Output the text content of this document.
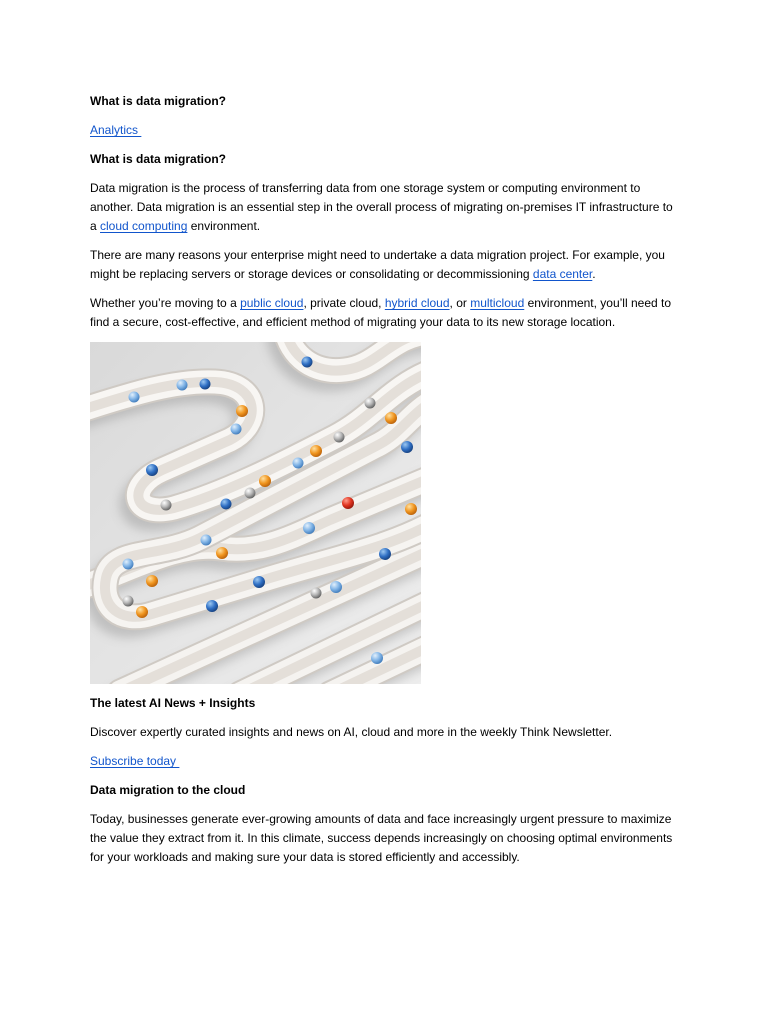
What is data migration?
Analytics
What is data migration?

Data migration is the process of transferring data from one storage system or computing environment to another. Data migration is an essential step in the overall process of migrating on-premises IT infrastructure to a cloud computing environment.

There are many reasons your enterprise might need to undertake a data migration project. For example, you might be replacing servers or storage devices or consolidating or decommissioning data center.

Whether you’re moving to a public cloud, private cloud, hybrid cloud, or multicloud environment, you’ll need to find a secure, cost-effective, and efficient method of migrating your data to its new storage location.

The latest AI News + Insights

Discover expertly curated insights and news on AI, cloud and more in the weekly Think Newsletter.

Subscribe today
Data migration to the cloud

Today, businesses generate ever-growing amounts of data and face increasingly urgent pressure to maximize the value they extract from it. In this climate, success depends increasingly on choosing optimal environments for your workloads and making sure your data is stored efficiently and accessibly.
